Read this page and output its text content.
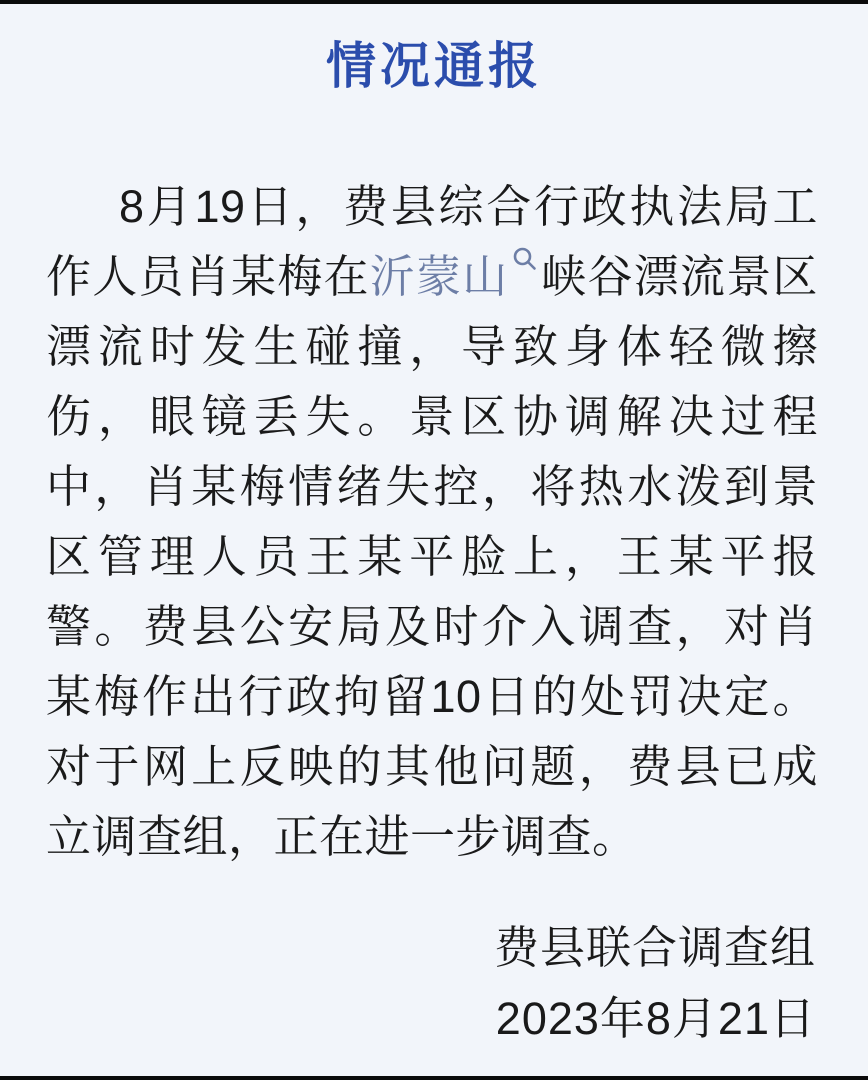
情况通报

8月19日，费县综合行政执法局工作人员肖某梅在沂蒙山 峡谷漂流景区漂流时发生碰撞，导致身体轻微擦伤，眼镜丢失。景区协调解决过程中，肖某梅情绪失控，将热水泼到景区管理人员王某平脸上，王某平报警。费县公安局及时介入调查，对肖某梅作出行政拘留10日的处罚决定。对于网上反映的其他问题，费县已成立调查组，正在进一步调查。

费县联合调查组
2023年8月21日
